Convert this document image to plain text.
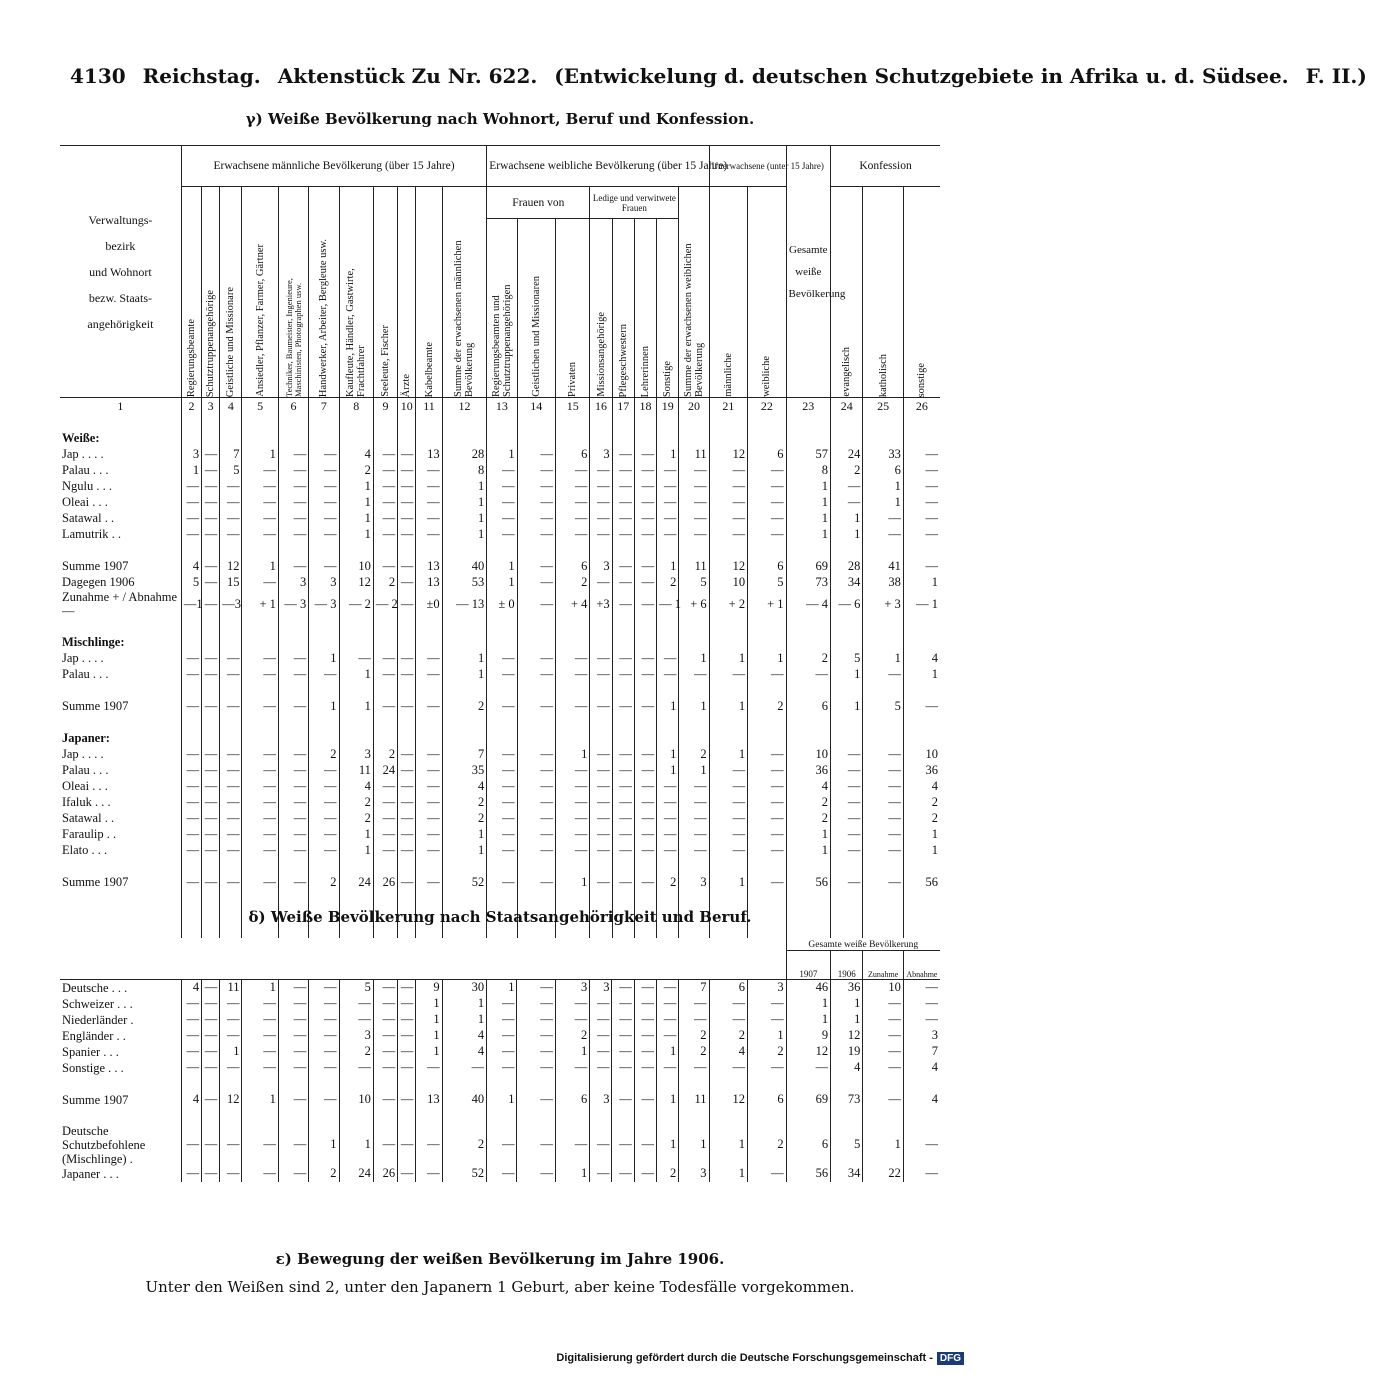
4130 Reichstag. Aktenstück Zu Nr. 622. (Entwickelung d. deutschen Schutzgebiete in Afrika u. d. Südsee. F. II.)
γ) Weiße Bevölkerung nach Wohnort, Beruf und Konfession.
Verwaltungs-
bezirk
und Wohnort
bezw. Staats-
angehörigkeit	Erwachsene männliche Bevölkerung (über 15 Jahre)											Erwachsene weibliche Bevölkerung (über 15 Jahre)								Unerwachsene (unter 15 Jahre)		Gesamte weiße Bevölkerung	Konfession		

	Regierungsbeamte	Schutztruppenangehörige	Geistliche und Missionare	Ansiedler, Pflanzer, Farmer, Gärtner	Techniker, Baumeister, Ingenieure, Maschinisten, Photographen usw.	Handwerker, Arbeiter, Bergleute usw.	Kaufleute, Händler, Gastwirte, Frachtfahrer	Seeleute, Fischer	Ärzte	Kabelbeamte	Summe der erwachsenen männlichen Bevölkerung	Frauen von			Ledige und verwitwete Frauen				Summe der erwachsenen weiblichen Bevölkerung	männliche	weibliche		evangelisch	katholisch	sonstige

												Regierungsbeamten und Schutztruppenangehörigen	Geistlichen und Missionaren	Privaten	Missionsangehörige	Pflegeschwestern	Lehrerinnen	Sonstige							

1	2	3	4	5	6	7	8	9	10	11	12	13	14	15	16	17	18	19	20	21	22	23	24	25	26

Weiße:																									
Jap . . . .	3	—	7	1	—	—	4	—	—	13	28	1	—	6	3	—	—	1	11	12	6	57	24	33	—
Palau . . .	1	—	5	—	—	—	2	—	—	—	8	—	—	—	—	—	—	—	—	—	—	8	2	6	—
Ngulu . . .	—	—	—	—	—	—	1	—	—	—	1	—	—	—	—	—	—	—	—	—	—	1	—	1	—
Oleai . . .	—	—	—	—	—	—	1	—	—	—	1	—	—	—	—	—	—	—	—	—	—	1	—	1	—
Satawal . .	—	—	—	—	—	—	1	—	—	—	1	—	—	—	—	—	—	—	—	—	—	1	1	—	—
Lamutrik . .	—	—	—	—	—	—	1	—	—	—	1	—	—	—	—	—	—	—	—	—	—	1	1	—	—

Summe 1907	4	—	12	1	—	—	10	—	—	13	40	1	—	6	3	—	—	1	11	12	6	69	28	41	—
Dagegen 1906	5	—	15	—	3	3	12	2	—	13	53	1	—	2	—	—	—	2	5	10	5	73	34	38	1
Zunahme + / Abnahme —	—1	—	—3	+ 1	— 3	— 3	— 2	— 2	—	±0	— 13	± 0	—	+ 4	+3	—	—	— 1	+ 6	+ 2	+ 1	— 4	— 6	+ 3	— 1

Mischlinge:																									
Jap . . . .	—	—	—	—	—	1	—	—	—	—	1	—	—	—	—	—	—	—	1	1	1	2	5	1	4
Palau . . .	—	—	—	—	—	—	1	—	—	—	1	—	—	—	—	—	—	—	—	—	—	—	1	—	1

Summe 1907	—	—	—	—	—	1	1	—	—	—	2	—	—	—	—	—	—	1	1	1	2	6	1	5	—

Japaner:																									
Jap . . . .	—	—	—	—	—	2	3	2	—	—	7	—	—	1	—	—	—	1	2	1	—	10	—	—	10
Palau . . .	—	—	—	—	—	—	11	24	—	—	35	—	—	—	—	—	—	1	1	—	—	36	—	—	36
Oleai . . .	—	—	—	—	—	—	4	—	—	—	4	—	—	—	—	—	—	—	—	—	—	4	—	—	4
Ifaluk . . .	—	—	—	—	—	—	2	—	—	—	2	—	—	—	—	—	—	—	—	—	—	2	—	—	2
Satawal . .	—	—	—	—	—	—	2	—	—	—	2	—	—	—	—	—	—	—	—	—	—	2	—	—	2
Faraulip . .	—	—	—	—	—	—	1	—	—	—	1	—	—	—	—	—	—	—	—	—	—	1	—	—	1
Elato . . .	—	—	—	—	—	—	1	—	—	—	1	—	—	—	—	—	—	—	—	—	—	1	—	—	1

Summe 1907	—	—	—	—	—	2	24	26	—	—	52	—	—	1	—	—	—	2	3	1	—	56	—	—	56

δ) Weiße Bevölkerung nach Staatsangehörigkeit und Beruf.
																						Gesamte weiße Bevölkerung			
																						1907	1906	Zunahme	Abnahme
Deutsche . . .	4	—	11	1	—	—	5	—	—	9	30	1	—	3	3	—	—	—	7	6	3	46	36	10	—
Schweizer . . .	—	—	—	—	—	—	—	—	—	1	1	—	—	—	—	—	—	—	—	—	—	1	1	—	—
Niederländer .	—	—	—	—	—	—	—	—	—	1	1	—	—	—	—	—	—	—	—	—	—	1	1	—	—
Engländer . .	—	—	—	—	—	—	3	—	—	1	4	—	—	2	—	—	—	—	2	2	1	9	12	—	3
Spanier . . .	—	—	1	—	—	—	2	—	—	1	4	—	—	1	—	—	—	1	2	4	2	12	19	—	7
Sonstige . . .	—	—	—	—	—	—	—	—	—	—	—	—	—	—	—	—	—	—	—	—	—	—	4	—	4

Summe 1907	4	—	12	1	—	—	10	—	—	13	40	1	—	6	3	—	—	1	11	12	6	69	73	—	4

Deutsche Schutzbefohlene (Mischlinge) .	—	—	—	—	—	1	1	—	—	—	2	—	—	—	—	—	—	1	1	1	2	6	5	1	—
Japaner . . .	—	—	—	—	—	2	24	26	—	—	52	—	—	1	—	—	—	2	3	1	—	56	34	22	—
ε) Bewegung der weißen Bevölkerung im Jahre 1906.
Unter den Weißen sind 2, unter den Japanern 1 Geburt, aber keine Todesfälle vorgekommen.
Digitalisierung gefördert durch die Deutsche Forschungsgemeinschaft - DFG
